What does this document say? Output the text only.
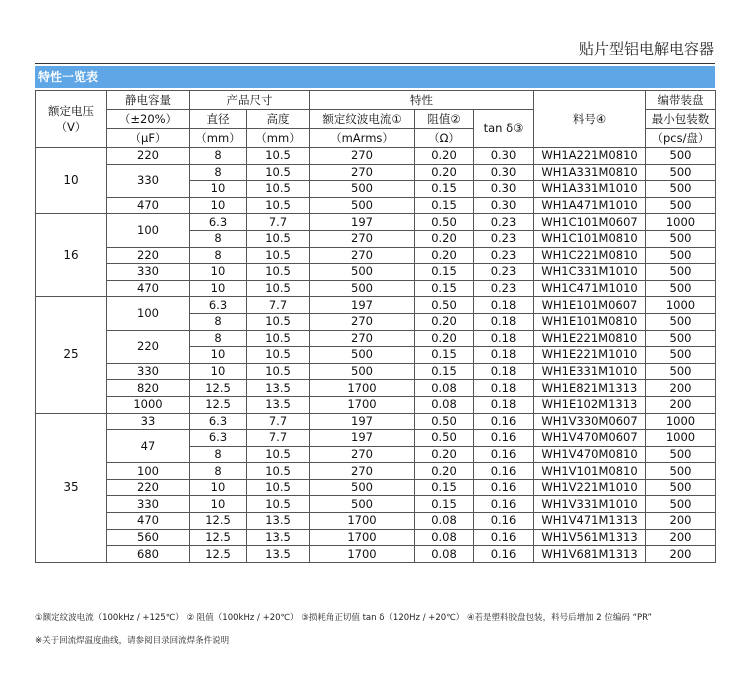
贴片型铝电解电容器
特性一览表
额定电压
（V）	静电容量	产品尺寸		特性			料号④	编带装盘
	（±20%）	直径	高度	额定纹波电流①	阻值②	tan δ③		最小包装数
	（μF）	（mm）	（mm）	（mArms）	（Ω）			（pcs/盘）
10	220	8	10.5	270	0.20	0.30	WH1A221M0810	500
	330	8	10.5	270	0.20	0.30	WH1A331M0810	500
		10	10.5	500	0.15	0.30	WH1A331M1010	500
	470	10	10.5	500	0.15	0.30	WH1A471M1010	500
16	100	6.3	7.7	197	0.50	0.23	WH1C101M0607	1000
		8	10.5	270	0.20	0.23	WH1C101M0810	500
	220	8	10.5	270	0.20	0.23	WH1C221M0810	500
	330	10	10.5	500	0.15	0.23	WH1C331M1010	500
	470	10	10.5	500	0.15	0.23	WH1C471M1010	500
25	100	6.3	7.7	197	0.50	0.18	WH1E101M0607	1000
		8	10.5	270	0.20	0.18	WH1E101M0810	500
	220	8	10.5	270	0.20	0.18	WH1E221M0810	500
		10	10.5	500	0.15	0.18	WH1E221M1010	500
	330	10	10.5	500	0.15	0.18	WH1E331M1010	500
	820	12.5	13.5	1700	0.08	0.18	WH1E821M1313	200
	1000	12.5	13.5	1700	0.08	0.18	WH1E102M1313	200
35	33	6.3	7.7	197	0.50	0.16	WH1V330M0607	1000
	47	6.3	7.7	197	0.50	0.16	WH1V470M0607	1000
		8	10.5	270	0.20	0.16	WH1V470M0810	500
	100	8	10.5	270	0.20	0.16	WH1V101M0810	500
	220	10	10.5	500	0.15	0.16	WH1V221M1010	500
	330	10	10.5	500	0.15	0.16	WH1V331M1010	500
	470	12.5	13.5	1700	0.08	0.16	WH1V471M1313	200
	560	12.5	13.5	1700	0.08	0.16	WH1V561M1313	200
	680	12.5	13.5	1700	0.08	0.16	WH1V681M1313	200
①额定纹波电流（100kHz / +125℃） ② 阻值（100kHz / +20℃） ③损耗角正切值 tan δ（120Hz / +20℃） ④若是塑料胶盘包装，料号后增加 2 位编码 “PR”
※关于回流焊温度曲线，请参阅目录回流焊条件说明
